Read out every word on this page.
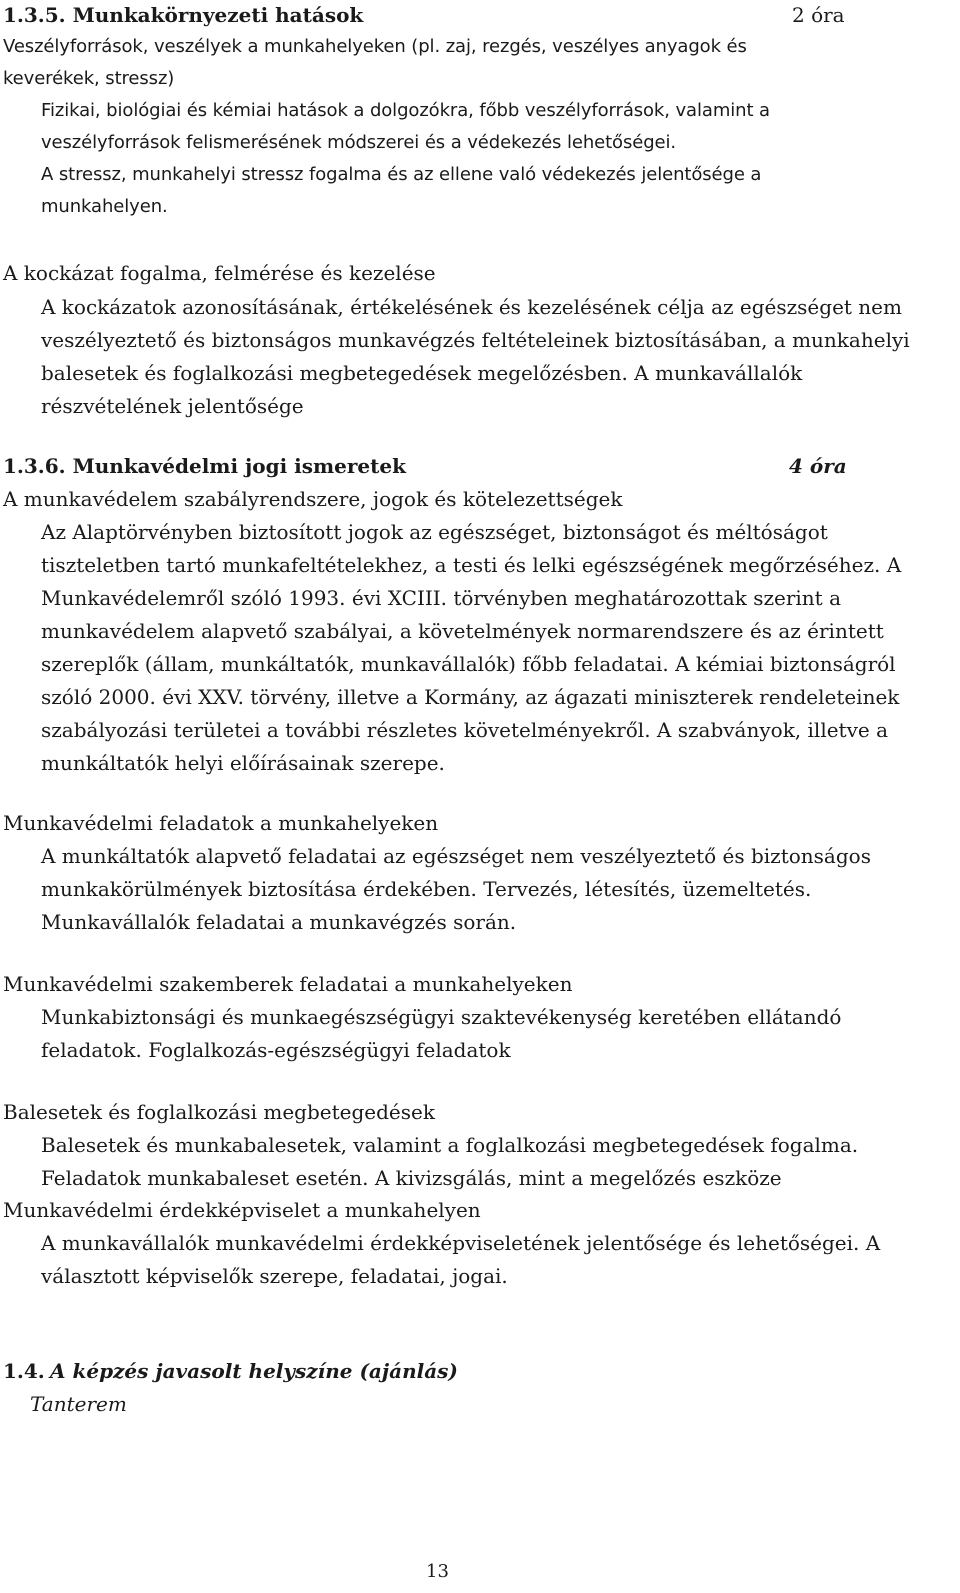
1.3.5. Munkakörnyezeti hatások	2 óra
Veszélyforrások, veszélyek a munkahelyeken (pl. zaj, rezgés, veszélyes anyagok és
keverékek, stressz)
Fizikai, biológiai és kémiai hatások a dolgozókra, főbb veszélyforrások, valamint a
veszélyforrások felismerésének módszerei és a védekezés lehetőségei.
A stressz, munkahelyi stressz fogalma és az ellene való védekezés jelentősége a
munkahelyen.
A kockázat fogalma, felmérése és kezelése
A kockázatok azonosításának, értékelésének és kezelésének célja az egészséget nem
veszélyeztető és biztonságos munkavégzés feltételeinek biztosításában, a munkahelyi
balesetek és foglalkozási megbetegedések megelőzésben. A munkavállalók
részvételének jelentősége
1.3.6. Munkavédelmi jogi ismeretek	4 óra
A munkavédelem szabályrendszere, jogok és kötelezettségek
Az Alaptörvényben biztosított jogok az egészséget, biztonságot és méltóságot
tiszteletben tartó munkafeltételekhez, a testi és lelki egészségének megőrzéséhez. A
Munkavédelemről szóló 1993. évi XCIII. törvényben meghatározottak szerint a
munkavédelem alapvető szabályai, a követelmények normarendszere és az érintett
szereplők (állam, munkáltatók, munkavállalók) főbb feladatai. A kémiai biztonságról
szóló 2000. évi XXV. törvény, illetve a Kormány, az ágazati miniszterek rendeleteinek
szabályozási területei a további részletes követelményekről. A szabványok, illetve a
munkáltatók helyi előírásainak szerepe.
Munkavédelmi feladatok a munkahelyeken
A munkáltatók alapvető feladatai az egészséget nem veszélyeztető és biztonságos
munkakörülmények biztosítása érdekében. Tervezés, létesítés, üzemeltetés.
Munkavállalók feladatai a munkavégzés során.
Munkavédelmi szakemberek feladatai a munkahelyeken
Munkabiztonsági és munkaegészségügyi szaktevékenység keretében ellátandó
feladatok. Foglalkozás-egészségügyi feladatok
Balesetek és foglalkozási megbetegedések
Balesetek és munkabalesetek, valamint a foglalkozási megbetegedések fogalma.
Feladatok munkabaleset esetén. A kivizsgálás, mint a megelőzés eszköze
Munkavédelmi érdekképviselet a munkahelyen
A munkavállalók munkavédelmi érdekképviseletének jelentősége és lehetőségei. A
választott képviselők szerepe, feladatai, jogai.
1.4. A képzés javasolt helyszíne (ajánlás)
Tanterem
13
